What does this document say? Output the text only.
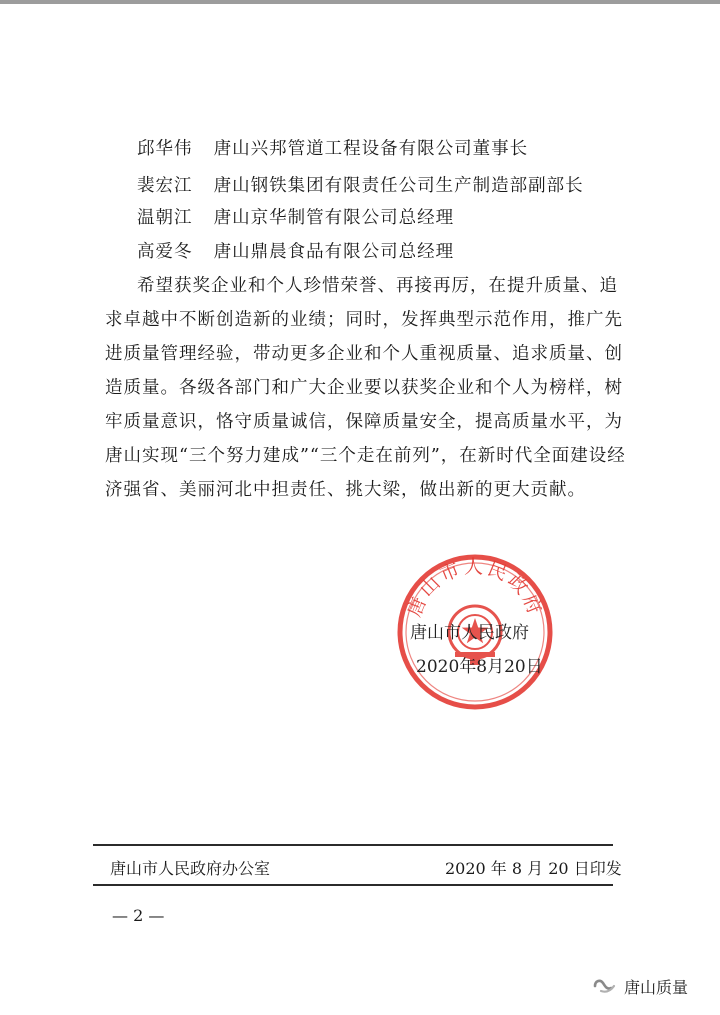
邱华伟 唐山兴邦管道工程设备有限公司董事长
裴宏江 唐山钢铁集团有限责任公司生产制造部副部长
温朝江 唐山京华制管有限公司总经理
高爱冬 唐山鼎晨食品有限公司总经理
希望获奖企业和个人珍惜荣誉、再接再厉，在提升质量、追
求卓越中不断创造新的业绩；同时，发挥典型示范作用，推广先
进质量管理经验，带动更多企业和个人重视质量、追求质量、创
造质量。各级各部门和广大企业要以获奖企业和个人为榜样，树
牢质量意识，恪守质量诚信，保障质量安全，提高质量水平，为
唐山实现“三个努力建成”“三个走在前列”，在新时代全面建设经
济强省、美丽河北中担责任、挑大梁，做出新的更大贡献。
唐山市人民政府
唐山市人民政府
2020年8月20日
唐山市人民政府办公室	2020 年 8 月 20 日印发
— 2 —
唐山质量
